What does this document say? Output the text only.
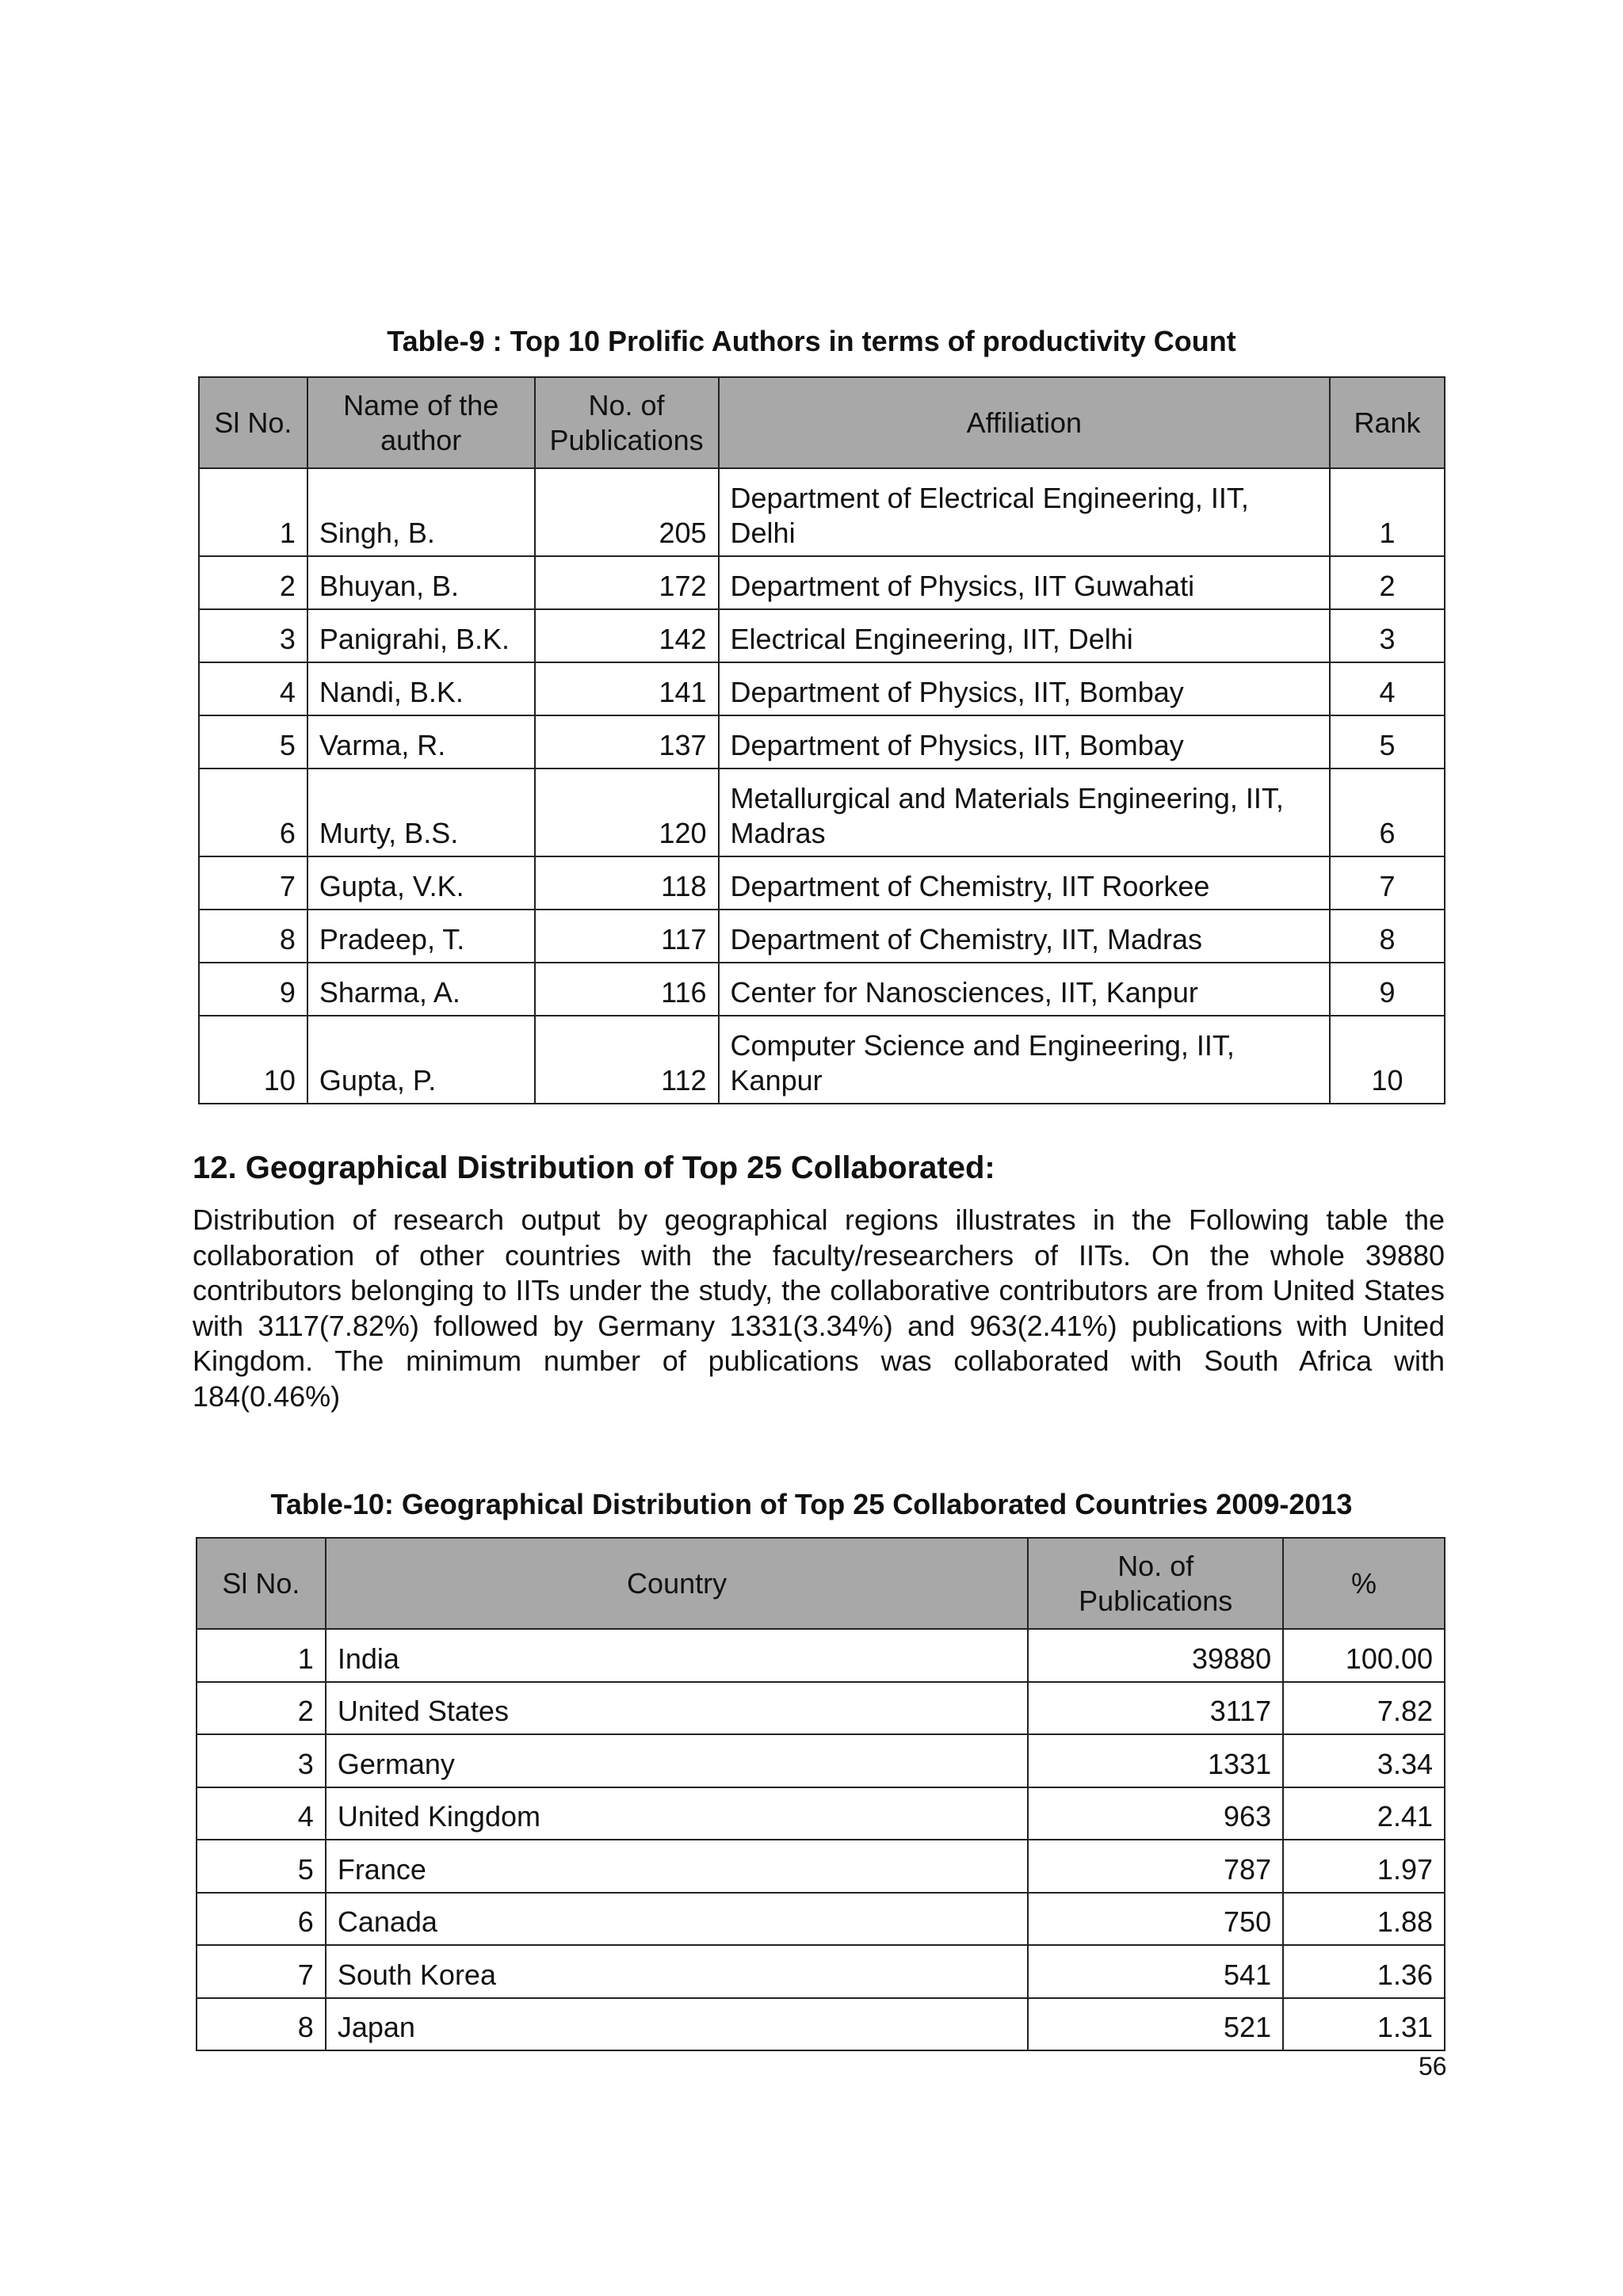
Table-9 : Top 10 Prolific Authors in terms of productivity Count
Sl No.	Name of the author	No. of Publications	Affiliation	Rank
1	Singh, B.	205	Department of Electrical Engineering, IIT, Delhi	1
2	Bhuyan, B.	172	Department of Physics, IIT Guwahati	2
3	Panigrahi, B.K.	142	Electrical Engineering, IIT, Delhi	3
4	Nandi, B.K.	141	Department of Physics, IIT, Bombay	4
5	Varma, R.	137	Department of Physics, IIT, Bombay	5
6	Murty, B.S.	120	Metallurgical and Materials Engineering, IIT, Madras	6
7	Gupta, V.K.	118	Department of Chemistry, IIT Roorkee	7
8	Pradeep, T.	117	Department of Chemistry, IIT, Madras	8
9	Sharma, A.	116	Center for Nanosciences, IIT, Kanpur	9
10	Gupta, P.	112	Computer Science and Engineering, IIT, Kanpur	10
12. Geographical Distribution of Top 25 Collaborated:
Distribution of research output by geographical regions illustrates in the Following table the collaboration of other countries with the faculty/researchers of IITs. On the whole 39880 contributors belonging to IITs under the study, the collaborative contributors are from United States with 3117(7.82%) followed by Germany 1331(3.34%) and 963(2.41%) publications with United Kingdom. The minimum number of publications was collaborated with South Africa with 184(0.46%)
Table-10: Geographical Distribution of Top 25 Collaborated Countries 2009-2013
Sl No.	Country	No. of Publications	%
1	India	39880	100.00
2	United States	3117	7.82
3	Germany	1331	3.34
4	United Kingdom	963	2.41
5	France	787	1.97
6	Canada	750	1.88
7	South Korea	541	1.36
8	Japan	521	1.31
56
